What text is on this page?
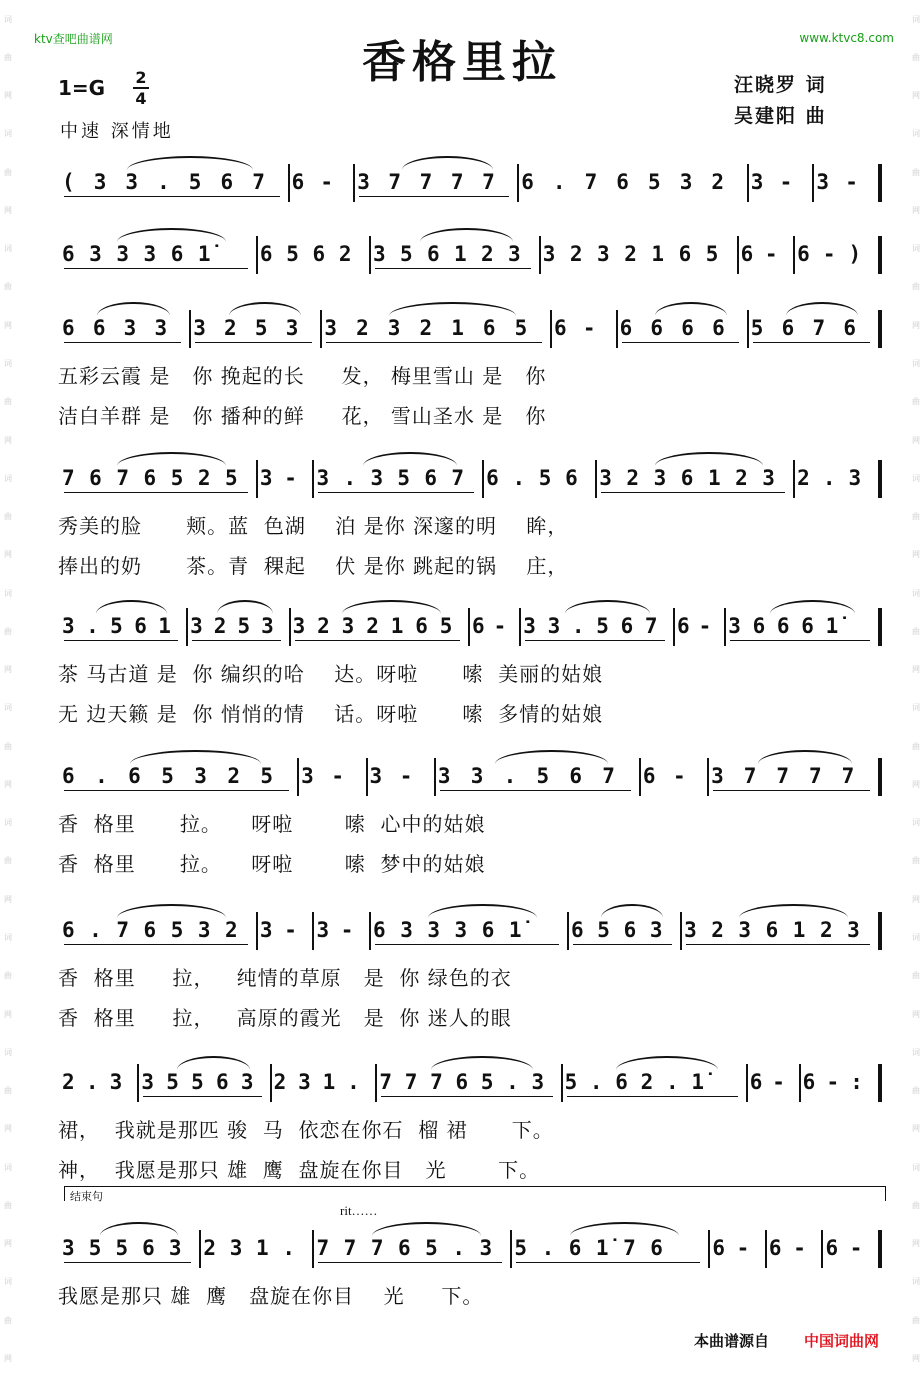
词
曲
网
词
曲
网
词
曲
网
词
曲
网
词
曲
网
词
曲
网
词
曲
网
词
曲
网
词
曲
网
词
曲
网
词
曲
网
词
曲
网
词
曲
网
词
曲
网
词
曲
网
词
曲
网
词
曲
网
词
曲
网
词
曲
网
词
曲
网
词
曲
网
词
曲
网
词
曲
网
词
曲
网
ktv查吧曲谱网	www.ktvc8.com
香格里拉
1=G 2
4
中速 深情地
汪晓罗 词
吴建阳 曲
(33.567 6- 37777 6.76532 3- 3-
633361̇	6562 356123 3232165 6- 6-)
6633 3253 3232165 6- 6666 5676
五彩云霞 是   你 挽起的长     发， 梅里雪山 是   你
洁白羊群 是   你 播种的鲜     花， 雪山圣水 是   你
7676525 3- 3.3567 6.56 3236123 2.3
秀美的脸      颊。蓝  色湖    泊 是你 深邃的明    眸，
捧出的奶      茶。青  稞起    伏 是你 跳起的锅    庄，
3.561 3253 3232165 6- 33.567 6- 36661̇
茶 马古道 是  你 编织的哈    达。呀啦      嗦  美丽的姑娘
无 边天籁 是  你 悄悄的情    话。呀啦      嗦  多情的姑娘
6.65325 3- 3- 33.567 6- 37777
香  格里      拉。    呀啦       嗦  心中的姑娘
香  格里      拉。    呀啦       嗦  梦中的姑娘
6.76532 3- 3- 633361̇	6563 3236123
香  格里     拉，   纯情的草原   是  你 绿色的衣
香  格里     拉，   高原的霞光   是  你 迷人的眼
2.3 35563 231. 77765.3 5.62.1̇	6- 6-:
裙，  我就是那匹 骏  马  依恋在你石  榴 裙      下。
神，  我愿是那只 雄  鹰  盘旋在你目   光       下。
35563 231. 77765.3 5.61̇76	6- 6- 6-
我愿是那只 雄  鹰   盘旋在你目    光     下。
结束句
rit……
本曲谱源自 中国词曲网
